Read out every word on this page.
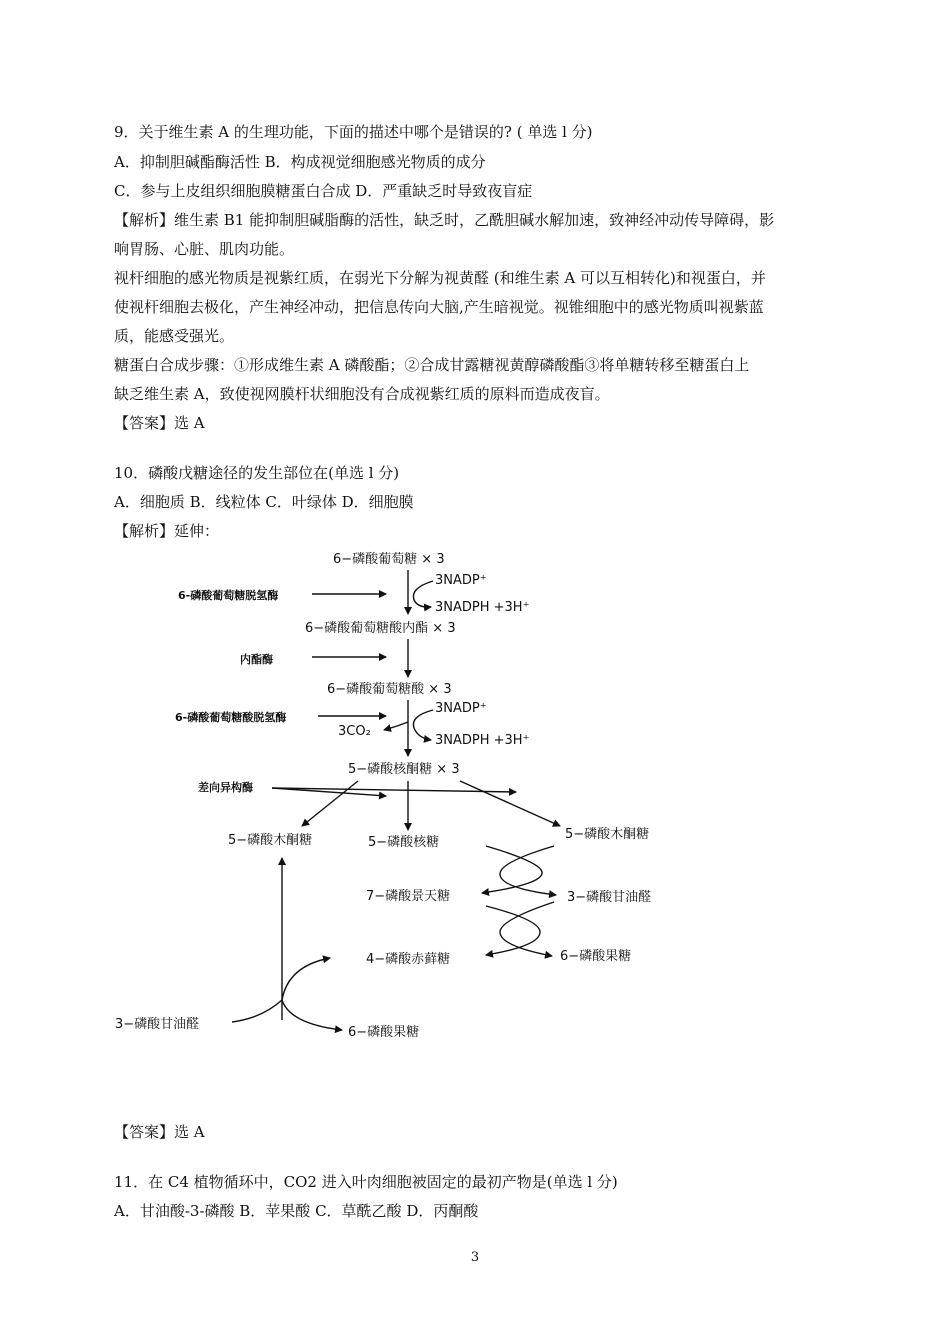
9．关于维生素 A 的生理功能，下面的描述中哪个是错误的? ( 单选 l 分)
A．抑制胆碱酯酶活性 B．构成视觉细胞感光物质的成分
C．参与上皮组织细胞膜糖蛋白合成 D．严重缺乏时导致夜盲症
【解析】维生素 B1 能抑制胆碱脂酶的活性，缺乏时，乙酰胆碱水解加速，致神经冲动传导障碍，影
响胃肠、心脏、肌肉功能。
视杆细胞的感光物质是视紫红质，在弱光下分解为视黄醛 (和维生素 A 可以互相转化)和视蛋白，并
使视杆细胞去极化，产生神经冲动，把信息传向大脑,产生暗视觉。视锥细胞中的感光物质叫视紫蓝
质，能感受强光。
糖蛋白合成步骤：①形成维生素 A 磷酸酯；②合成甘露糖视黄醇磷酸酯③将单糖转移至糖蛋白上
缺乏维生素 A，致使视网膜杆状细胞没有合成视紫红质的原料而造成夜盲。
【答案】选 A
10．磷酸戊糖途径的发生部位在(单选 l 分)
A．细胞质 B．线粒体 C．叶绿体 D．细胞膜
【解析】延伸：
6−磷酸葡萄糖 × 3
3NADP⁺
3NADPH +3H⁺
6-磷酸葡萄糖脱氢酶
6−磷酸葡萄糖酸内酯 × 3
内酯酶
6−磷酸葡萄糖酸 × 3
3NADP⁺
6-磷酸葡萄糖酸脱氢酶
3CO₂
3NADPH +3H⁺
5−磷酸核酮糖 × 3
差向异构酶
5−磷酸木酮糖	5−磷酸核糖
5−磷酸木酮糖
7−磷酸景天糖	3−磷酸甘油醛
4−磷酸赤藓糖	6−磷酸果糖
3−磷酸甘油醛
6−磷酸果糖
【答案】选 A
11．在 C4 植物循环中，CO2 进入叶肉细胞被固定的最初产物是(单选 l 分)
A．甘油酸-3-磷酸 B．苹果酸 C．草酰乙酸 D．丙酮酸
3
